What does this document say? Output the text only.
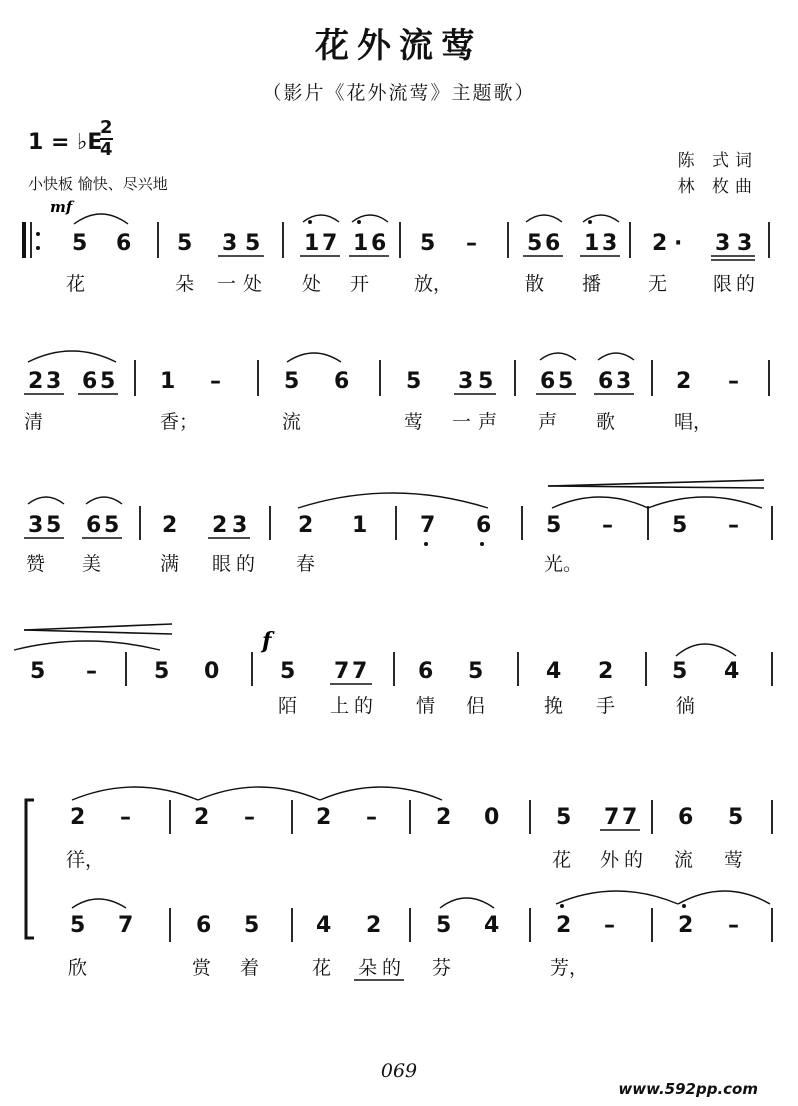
花外流莺
（影片《花外流莺》主题歌）
1 = ♭E
2
4
小快板 愉快、尽兴地
陈 式词
林 枚曲
mf
f
5 6 5 3 5 1 7 1 6 5 – 5 6 1 3 2 · 3 3
花	朵 一 处 处 开 放，	散 播 无 限 的
2 3 6 5 1 –	5 6	5 3 5 6 5 6 3 2 –
清	香；	流	莺 一 声 声 歌	唱，
3 5 6 5 2 2 3 2 1 7 6 5 –	5 –
赞 美	满 眼 的 春	光。
5 –	5 0	5 7 7 6 5	4 2	5 4
陌 上 的 情 侣	挽 手	徜
2 –	2 –	2 –	2 0	5 7 7 6 5
徉，	花 外 的 流 莺
5 7	6 5	4 2 5 4	2 –	2 –
欣	赏 着	花 朵 的 芬	芳，
069
www.592pp.com
